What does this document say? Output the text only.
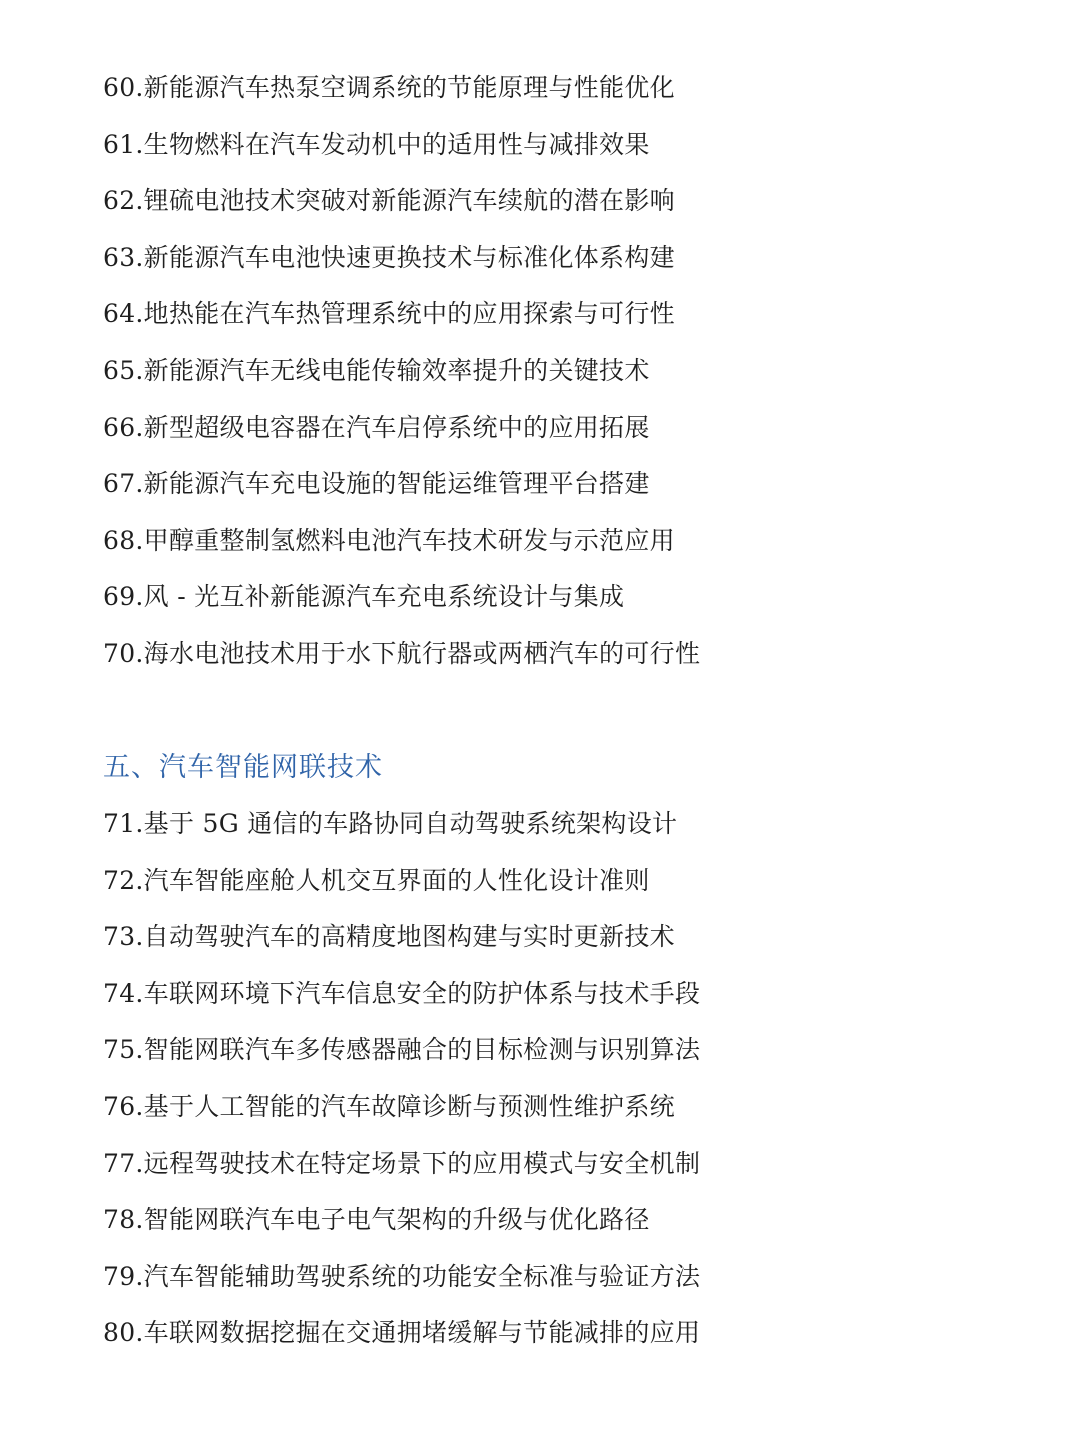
60.新能源汽车热泵空调系统的节能原理与性能优化
61.生物燃料在汽车发动机中的适用性与减排效果
62.锂硫电池技术突破对新能源汽车续航的潜在影响
63.新能源汽车电池快速更换技术与标准化体系构建
64.地热能在汽车热管理系统中的应用探索与可行性
65.新能源汽车无线电能传输效率提升的关键技术
66.新型超级电容器在汽车启停系统中的应用拓展
67.新能源汽车充电设施的智能运维管理平台搭建
68.甲醇重整制氢燃料电池汽车技术研发与示范应用
69.风 - 光互补新能源汽车充电系统设计与集成
70.海水电池技术用于水下航行器或两栖汽车的可行性
五、汽车智能网联技术
71.基于 5G 通信的车路协同自动驾驶系统架构设计
72.汽车智能座舱人机交互界面的人性化设计准则
73.自动驾驶汽车的高精度地图构建与实时更新技术
74.车联网环境下汽车信息安全的防护体系与技术手段
75.智能网联汽车多传感器融合的目标检测与识别算法
76.基于人工智能的汽车故障诊断与预测性维护系统
77.远程驾驶技术在特定场景下的应用模式与安全机制
78.智能网联汽车电子电气架构的升级与优化路径
79.汽车智能辅助驾驶系统的功能安全标准与验证方法
80.车联网数据挖掘在交通拥堵缓解与节能减排的应用
